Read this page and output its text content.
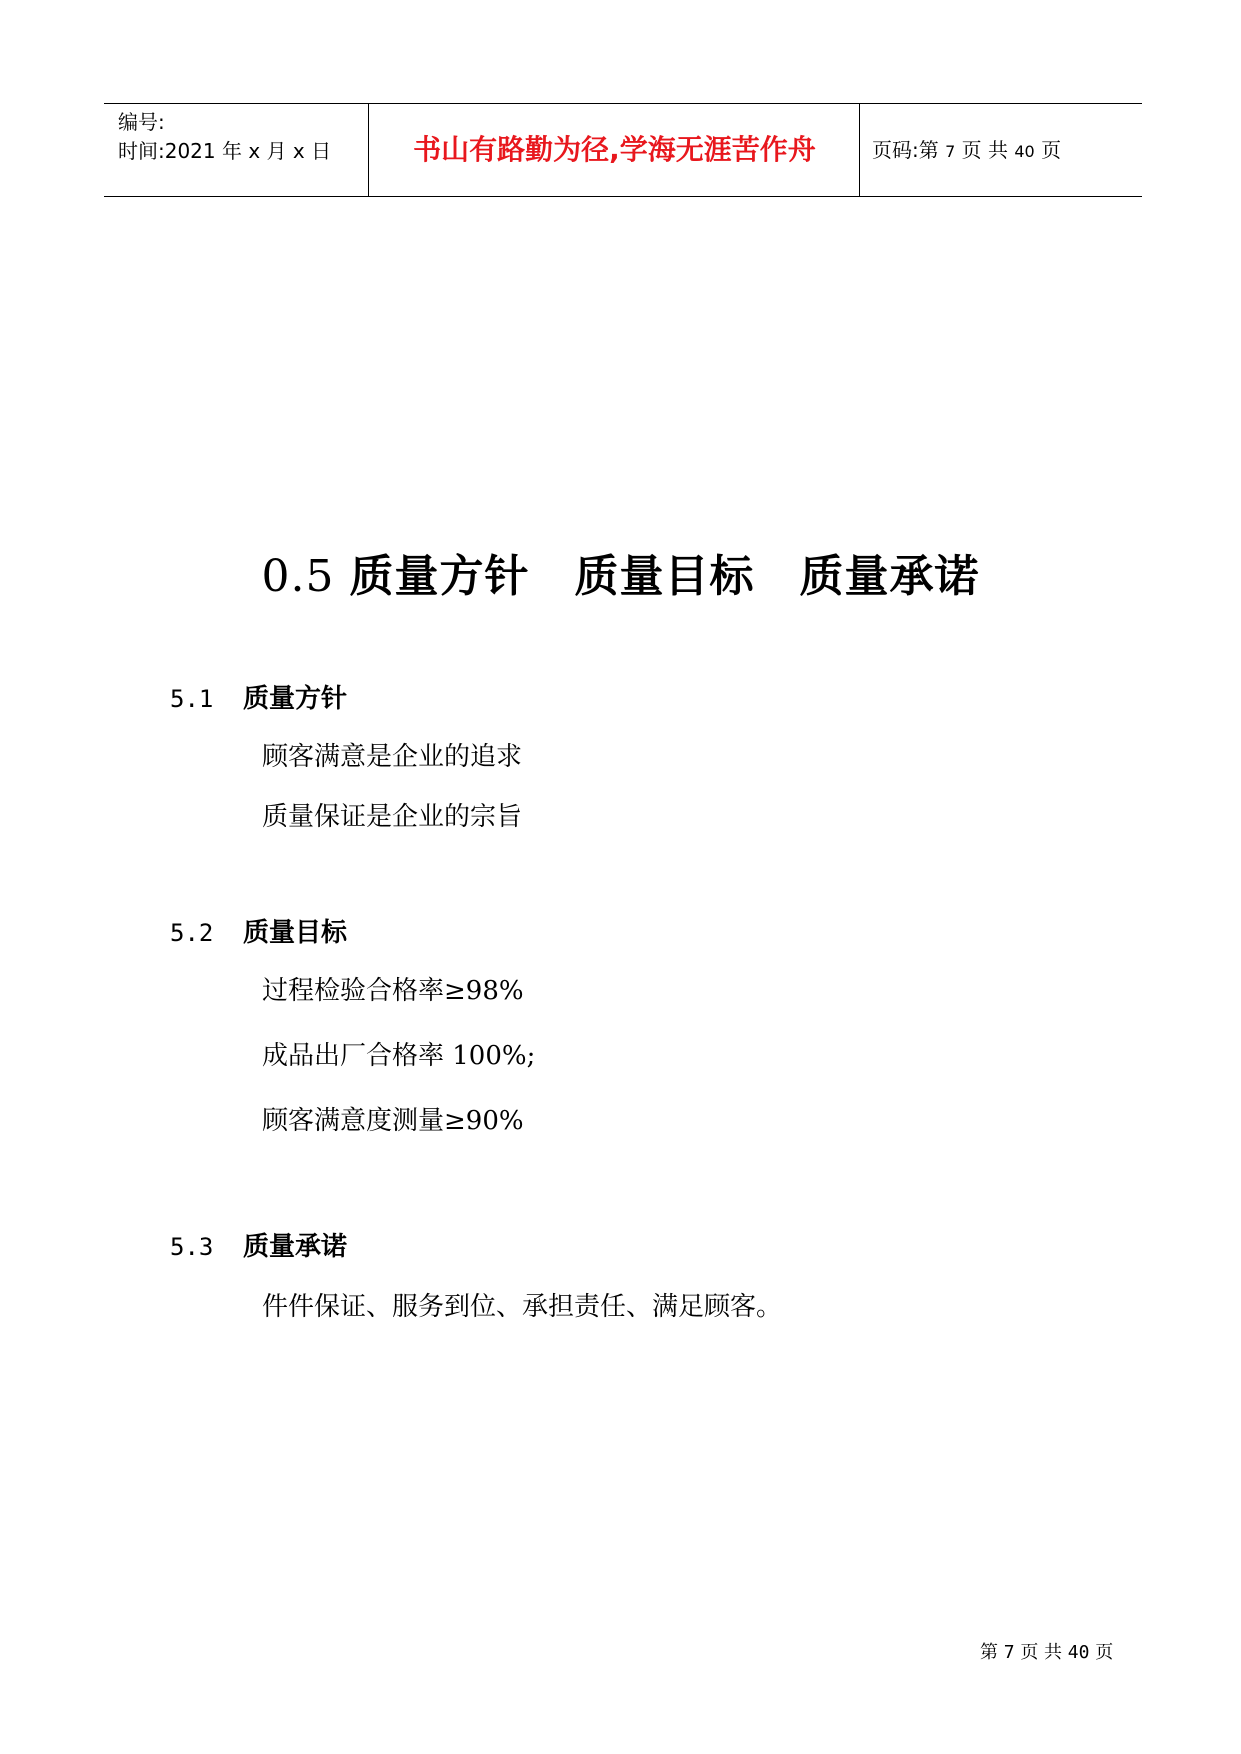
编号:
时间:2021 年 x 月 x 日	书山有路勤为径,学海无涯苦作舟	页码:第 7 页 共 40 页
0.5 质量方针　质量目标　质量承诺
5.1 质量方针
顾客满意是企业的追求
质量保证是企业的宗旨
5.2 质量目标
过程检验合格率≥98%
成品出厂合格率 100%;
顾客满意度测量≥90%
5.3 质量承诺
件件保证、服务到位、承担责任、满足顾客。
第 7 页 共 40 页
